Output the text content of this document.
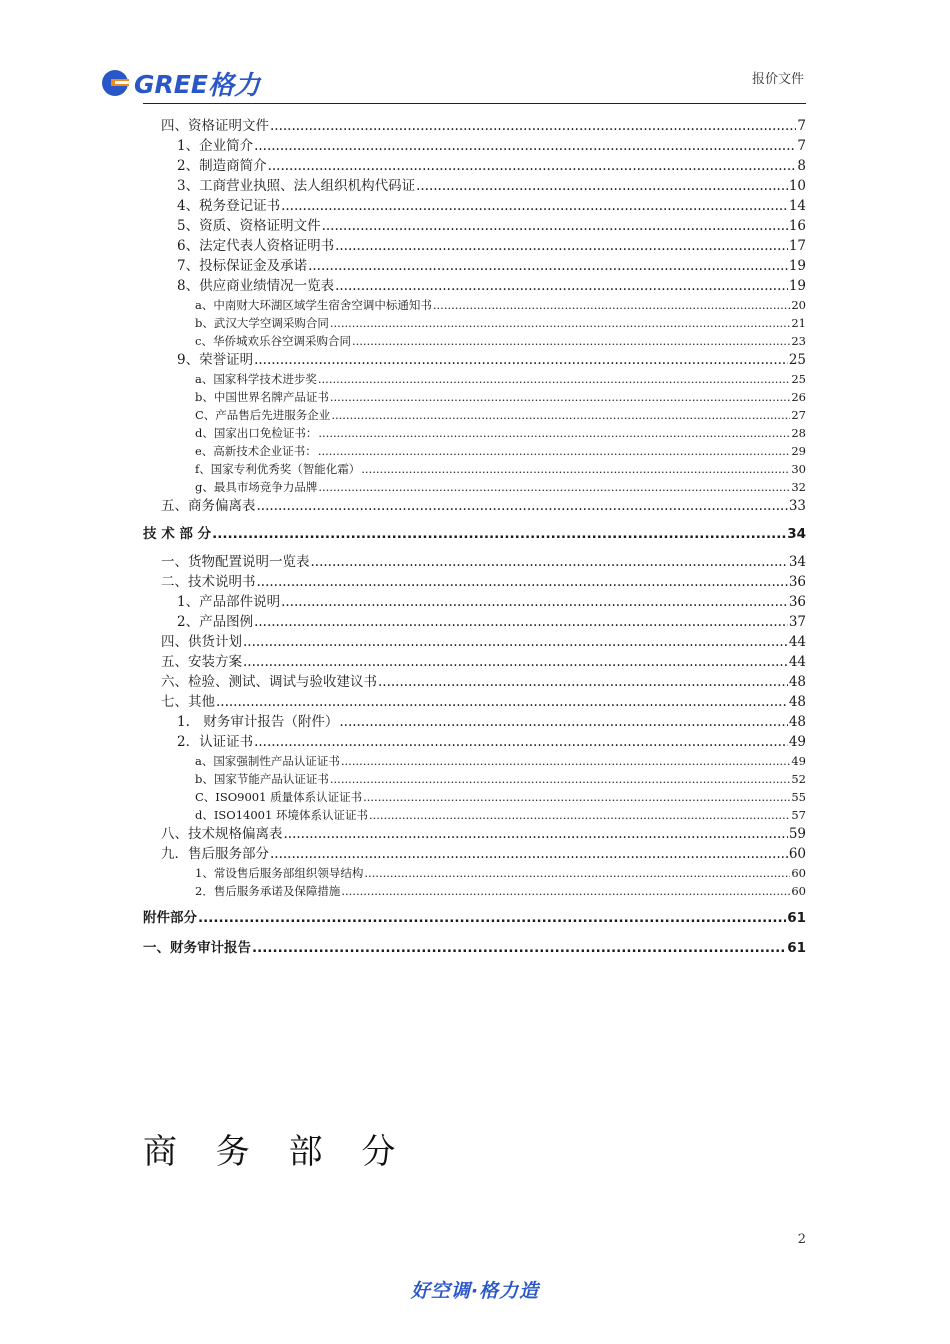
GREE 格力	报价文件
四、资格证明文件 .....	7
1、企业简介 .....	7
2、制造商简介 .....	8
3、工商营业执照、法人组织机构代码证 .....	10
4、税务登记证书 .....	14
5、资质、资格证明文件 .....	16
6、法定代表人资格证明书 .....	17
7、投标保证金及承诺 .....	19
8、供应商业绩情况一览表 .....	19
a、中南财大环湖区域学生宿舍空调中标通知书 .....	20
b、武汉大学空调采购合同 .....	21
c、华侨城欢乐谷空调采购合同 .....	23
9、荣誉证明 .....	25
a、国家科学技术进步奖 .....	25
b、中国世界名牌产品证书 .....	26
C、产品售后先进服务企业 .....	27
d、国家出口免检证书： .....	28
e、高新技术企业证书： .....	29
f、国家专利优秀奖（智能化霜） .....	30
g、最具市场竞争力品牌 .....	32
五、商务偏离表 .....	33
技 术 部 分 .....	34
一、货物配置说明一览表 .....	34
二、技术说明书 .....	36
1、产品部件说明 .....	36
2、产品图例 .....	37
四、供货计划 .....	44
五、安装方案 .....	44
六、检验、测试、调试与验收建议书 .....	48
七、其他 .....	48
1.　财务审计报告（附件） .....	48
2．认证证书 .....	49
a、国家强制性产品认证证书 .....	49
b、国家节能产品认证证书 .....	52
C、ISO9001 质量体系认证证书 .....	55
d、ISO14001 环境体系认证证书 .....	57
八、技术规格偏离表 .....	59
九．售后服务部分 .....	60
1、常设售后服务部组织领导结构 .....	60
2．售后服务承诺及保障措施 .....	60
附件部分 .....	61
一、财务审计报告 .....	61
商 务 部 分
2
好空调·格力造
